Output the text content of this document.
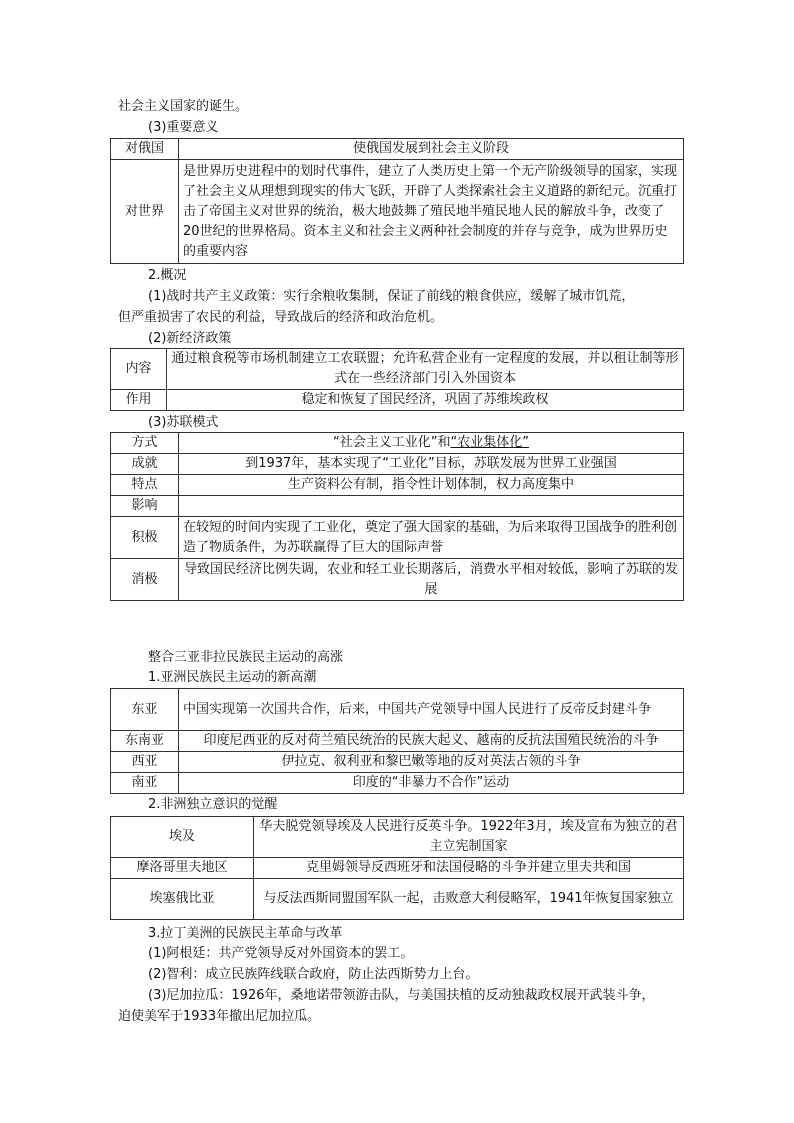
社会主义国家的诞生。
(3)重要意义
对俄国	使俄国发展到社会主义阶段
对世界	是世界历史进程中的划时代事件，建立了人类历史上第一个无产阶级领导的国家，实现了社会主义从理想到现实的伟大飞跃，开辟了人类探索社会主义道路的新纪元。沉重打击了帝国主义对世界的统治，极大地鼓舞了殖民地半殖民地人民的解放斗争，改变了20世纪的世界格局。资本主义和社会主义两种社会制度的并存与竞争，成为世界历史的重要内容
2.概况
(1)战时共产主义政策：实行余粮收集制，保证了前线的粮食供应，缓解了城市饥荒，
但严重损害了农民的利益，导致战后的经济和政治危机。
(2)新经济政策
内容	通过粮食税等市场机制建立工农联盟；允许私营企业有一定程度的发展，并以租让制等形式在一些经济部门引入外国资本
作用	稳定和恢复了国民经济，巩固了苏维埃政权
(3)苏联模式
方式	“社会主义工业化”和“农业集体化”
成就	到1937年，基本实现了“工业化”目标，苏联发展为世界工业强国
特点	生产资料公有制，指令性计划体制，权力高度集中
影响	
积极	在较短的时间内实现了工业化，奠定了强大国家的基础，为后来取得卫国战争的胜利创造了物质条件，为苏联赢得了巨大的国际声誉
消极	导致国民经济比例失调，农业和轻工业长期落后，消费水平相对较低，影响了苏联的发展
整合三亚非拉民族民主运动的高涨
1.亚洲民族民主运动的新高潮
东亚	中国实现第一次国共合作，后来，中国共产党领导中国人民进行了反帝反封建斗争
东南亚	印度尼西亚的反对荷兰殖民统治的民族大起义、越南的反抗法国殖民统治的斗争
西亚	伊拉克、叙利亚和黎巴嫩等地的反对英法占领的斗争
南亚	印度的“非暴力不合作”运动
2.非洲独立意识的觉醒
埃及	华夫脱党领导埃及人民进行反英斗争。1922年3月，埃及宣布为独立的君主立宪制国家
摩洛哥里夫地区	克里姆领导反西班牙和法国侵略的斗争并建立里夫共和国
埃塞俄比亚	与反法西斯同盟国军队一起，击败意大利侵略军，1941年恢复国家独立
3.拉丁美洲的民族民主革命与改革
(1)阿根廷：共产党领导反对外国资本的罢工。
(2)智利：成立民族阵线联合政府，防止法西斯势力上台。
(3)尼加拉瓜：1926年，桑地诺带领游击队，与美国扶植的反动独裁政权展开武装斗争，
迫使美军于1933年撤出尼加拉瓜。
